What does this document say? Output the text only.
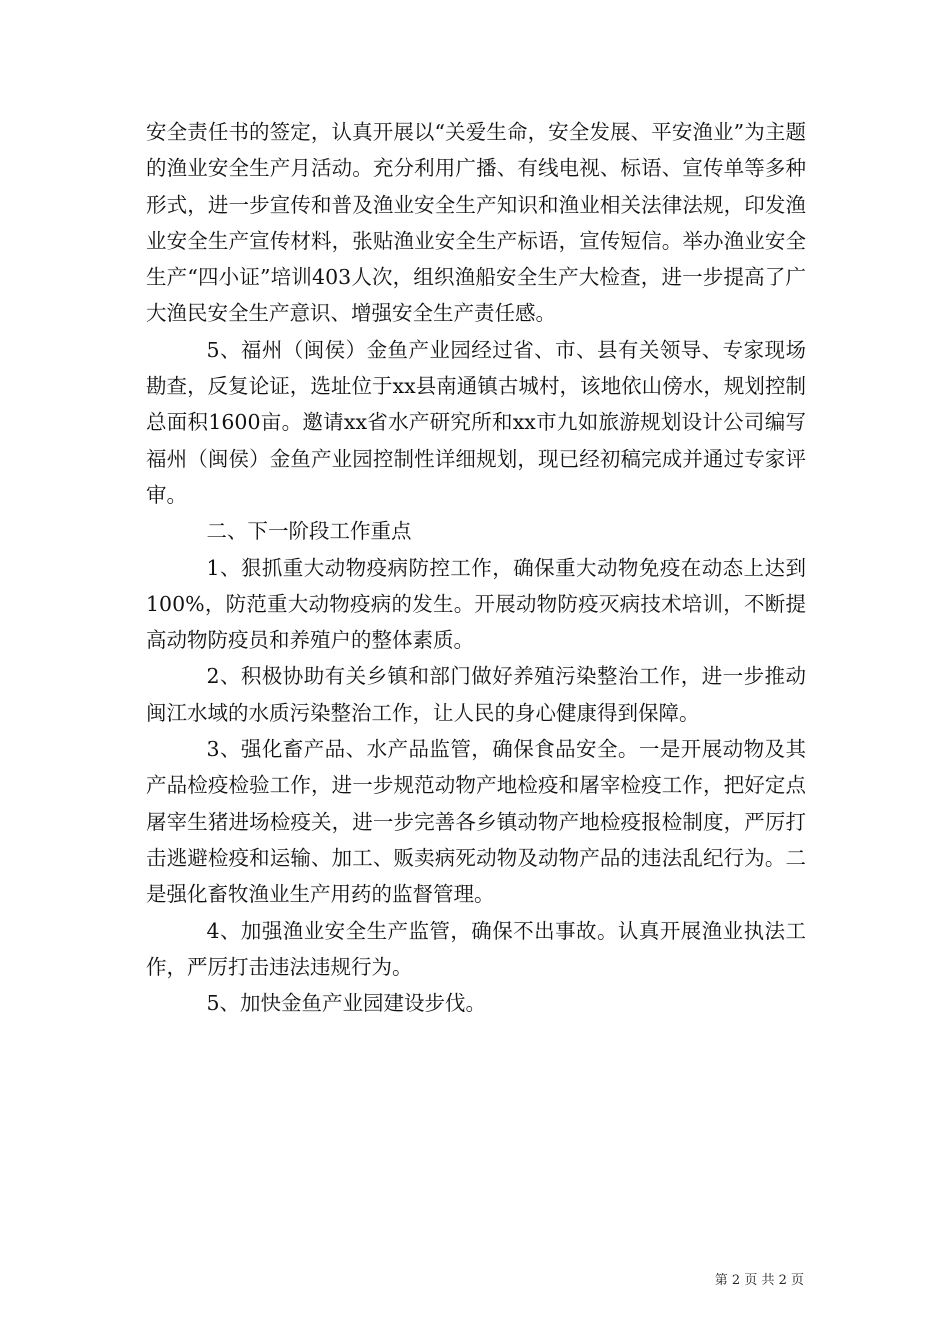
安全责任书的签定，认真开展以“关爱生命，安全发展、平安渔业”为主题的渔业安全生产月活动。充分利用广播、有线电视、标语、宣传单等多种形式，进一步宣传和普及渔业安全生产知识和渔业相关法律法规，印发渔业安全生产宣传材料，张贴渔业安全生产标语，宣传短信。举办渔业安全生产“四小证”培训403人次，组织渔船安全生产大检查，进一步提高了广大渔民安全生产意识、增强安全生产责任感。

5、福州（闽侯）金鱼产业园经过省、市、县有关领导、专家现场勘查，反复论证，选址位于xx县南通镇古城村，该地依山傍水，规划控制总面积1600亩。邀请xx省水产研究所和xx市九如旅游规划设计公司编写福州（闽侯）金鱼产业园控制性详细规划，现已经初稿完成并通过专家评审。

二、下一阶段工作重点

1、狠抓重大动物疫病防控工作，确保重大动物免疫在动态上达到100%，防范重大动物疫病的发生。开展动物防疫灭病技术培训，不断提高动物防疫员和养殖户的整体素质。

2、积极协助有关乡镇和部门做好养殖污染整治工作，进一步推动闽江水域的水质污染整治工作，让人民的身心健康得到保障。

3、强化畜产品、水产品监管，确保食品安全。一是开展动物及其产品检疫检验工作，进一步规范动物产地检疫和屠宰检疫工作，把好定点屠宰生猪进场检疫关，进一步完善各乡镇动物产地检疫报检制度，严厉打击逃避检疫和运输、加工、贩卖病死动物及动物产品的违法乱纪行为。二是强化畜牧渔业生产用药的监督管理。

4、加强渔业安全生产监管，确保不出事故。认真开展渔业执法工作，严厉打击违法违规行为。

5、加快金鱼产业园建设步伐。

第 2 页 共 2 页
